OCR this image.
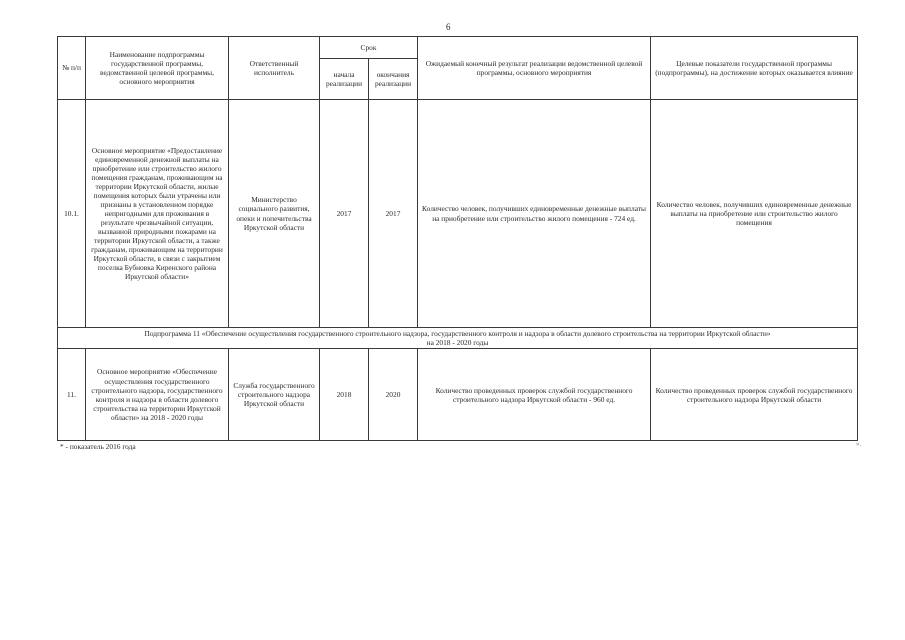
6
№ п/п	Наименование подпрограммы государственной программы, ведомственной целевой программы, основного мероприятия	Ответственный исполнитель	Срок		Ожидаемый конечный результат реализации ведомственной целевой программы, основного мероприятия	Целевые показатели государственной программы (подпрограммы), на достижение которых оказывается влияние
			начала реализации	окончания реализации		
10.1.	Основное мероприятие «Предоставление единовременной денежной выплаты на приобретение или строительство жилого помещения гражданам, проживающим на территории Иркутской области, жилые помещения которых были утрачены или признаны в установленном порядке непригодными для проживания в результате чрезвычайной ситуации, вызванной природными пожарами на территории Иркутской области, а также гражданам, проживающим на территории Иркутской области, в связи с закрытием поселка Бубновка Киренского района Иркутской области»	Министерство социального развития, опеки и попечительства Иркутской области	2017	2017	Количество человек, получивших единовременные денежные выплаты на приобретение или строительство жилого помещения - 724 ед.	Количество человек, получивших единовременные денежные выплаты на приобретение или строительство жилого помещения
Подпрограмма 11 «Обеспечение осуществления государственного строительного надзора, государственного контроля и надзора в области долевого строительства на территории Иркутской области»
на 2018 - 2020 годы						
11.	Основное мероприятие «Обеспечение осуществления государственного строительного надзора, государственного контроля и надзора в области долевого строительства на территории Иркутской области» на 2018 - 2020 годы	Служба государственного строительного надзора Иркутской области	2018	2020	Количество проведенных проверок службой государственного строительного надзора Иркутской области - 960 ед.	Количество проведенных проверок службой государственного строительного надзора Иркутской области
* - показатель 2016 года	».
